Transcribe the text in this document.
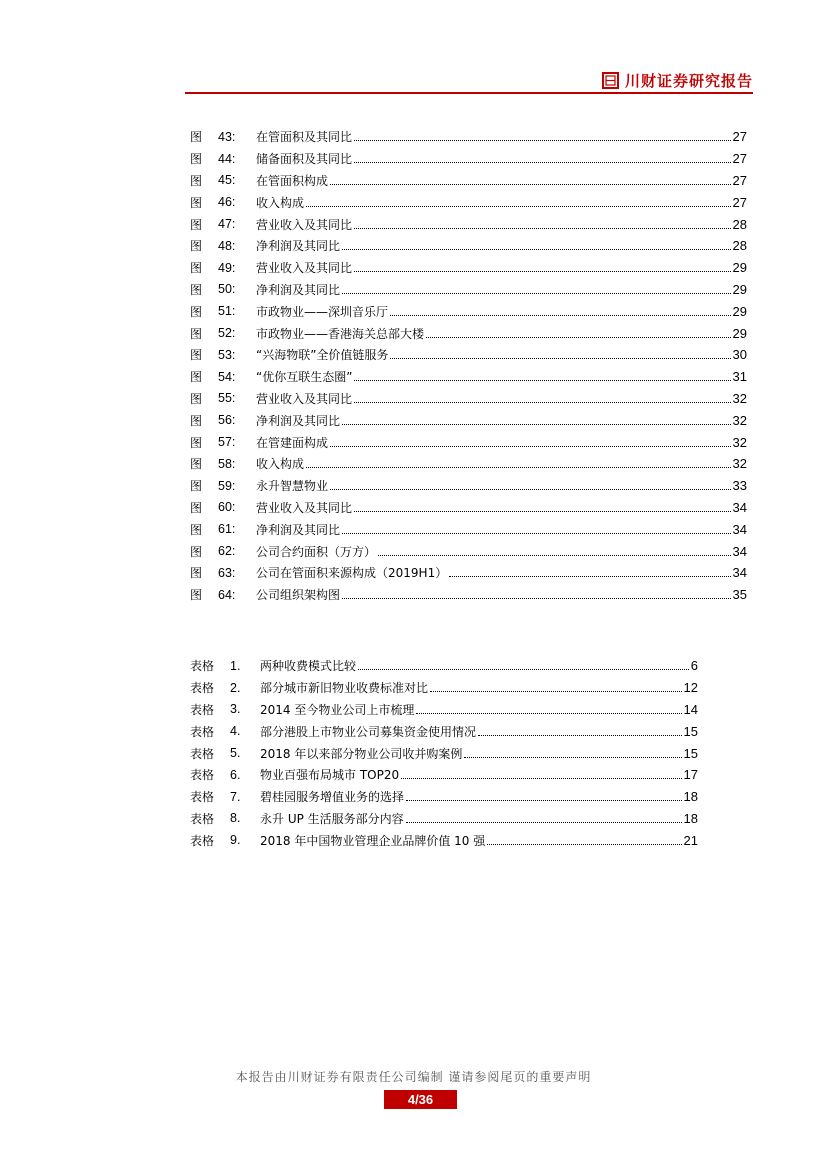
川财证券研究报告
图	43:	在管面积及其同比	27
图	44:	储备面积及其同比	27
图	45:	在管面积构成	27
图	46:	收入构成	27
图	47:	营业收入及其同比	28
图	48:	净利润及其同比	28
图	49:	营业收入及其同比	29
图	50:	净利润及其同比	29
图	51:	市政物业——深圳音乐厅	29
图	52:	市政物业——香港海关总部大楼	29
图	53:	“兴海物联”全价值链服务	30
图	54:	“优你互联生态圈”	31
图	55:	营业收入及其同比	32
图	56:	净利润及其同比	32
图	57:	在管建面构成	32
图	58:	收入构成	32
图	59:	永升智慧物业	33
图	60:	营业收入及其同比	34
图	61:	净利润及其同比	34
图	62:	公司合约面积（万方）	34
图	63:	公司在管面积来源构成（2019H1）	34
图	64:	公司组织架构图	35
表格	1.	两种收费模式比较	6
表格	2.	部分城市新旧物业收费标准对比	12
表格	3.	2014 至今物业公司上市梳理	14
表格	4.	部分港股上市物业公司募集资金使用情况	15
表格	5.	2018 年以来部分物业公司收并购案例	15
表格	6.	物业百强布局城市 TOP20	17
表格	7.	碧桂园服务增值业务的选择	18
表格	8.	永升 UP 生活服务部分内容	18
表格	9.	2018 年中国物业管理企业品牌价值 10 强	21
本报告由川财证券有限责任公司编制 谨请参阅尾页的重要声明
4/36
